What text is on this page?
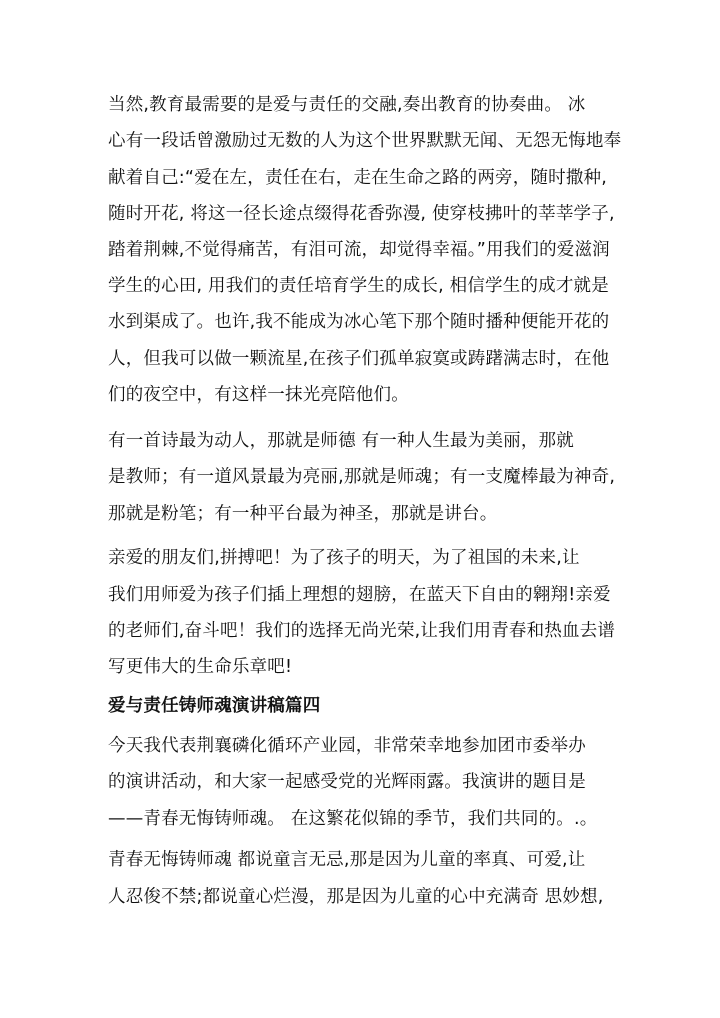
当然,教育最需要的是爱与责任的交融,奏出教育的协奏曲。 冰
心有一段话曾激励过无数的人为这个世界默默无闻、无怨无悔地奉
献着自己:“爱在左，责任在右，走在生命之路的两旁，随时撒种,
随时开花, 将这一径长途点缀得花香弥漫, 使穿枝拂叶的莘莘学子,
踏着荆棘,不觉得痛苦，有泪可流，却觉得幸福。”用我们的爱滋润
学生的心田, 用我们的责任培育学生的成长, 相信学生的成才就是
水到渠成了。也许,我不能成为冰心笔下那个随时播种便能开花的
人，但我可以做一颗流星,在孩子们孤单寂寞或踌躇满志时，在他
们的夜空中，有这样一抹光亮陪他们。
有一首诗最为动人，那就是师德 有一种人生最为美丽，那就
是教师；有一道风景最为亮丽,那就是师魂；有一支魔棒最为神奇,
那就是粉笔；有一种平台最为神圣，那就是讲台。
亲爱的朋友们,拼搏吧！为了孩子的明天，为了祖国的未来,让
我们用师爱为孩子们插上理想的翅膀，在蓝天下自由的翱翔!亲爱
的老师们,奋斗吧！我们的选择无尚光荣,让我们用青春和热血去谱
写更伟大的生命乐章吧!
爱与责任铸师魂演讲稿篇四
今天我代表荆襄磷化循环产业园，非常荣幸地参加团市委举办
的演讲活动，和大家一起感受党的光辉雨露。我演讲的题目是
——青春无悔铸师魂。 在这繁花似锦的季节，我们共同的。.。
青春无悔铸师魂 都说童言无忌,那是因为儿童的率真、可爱,让
人忍俊不禁;都说童心烂漫，那是因为儿童的心中充满奇 思妙想,
